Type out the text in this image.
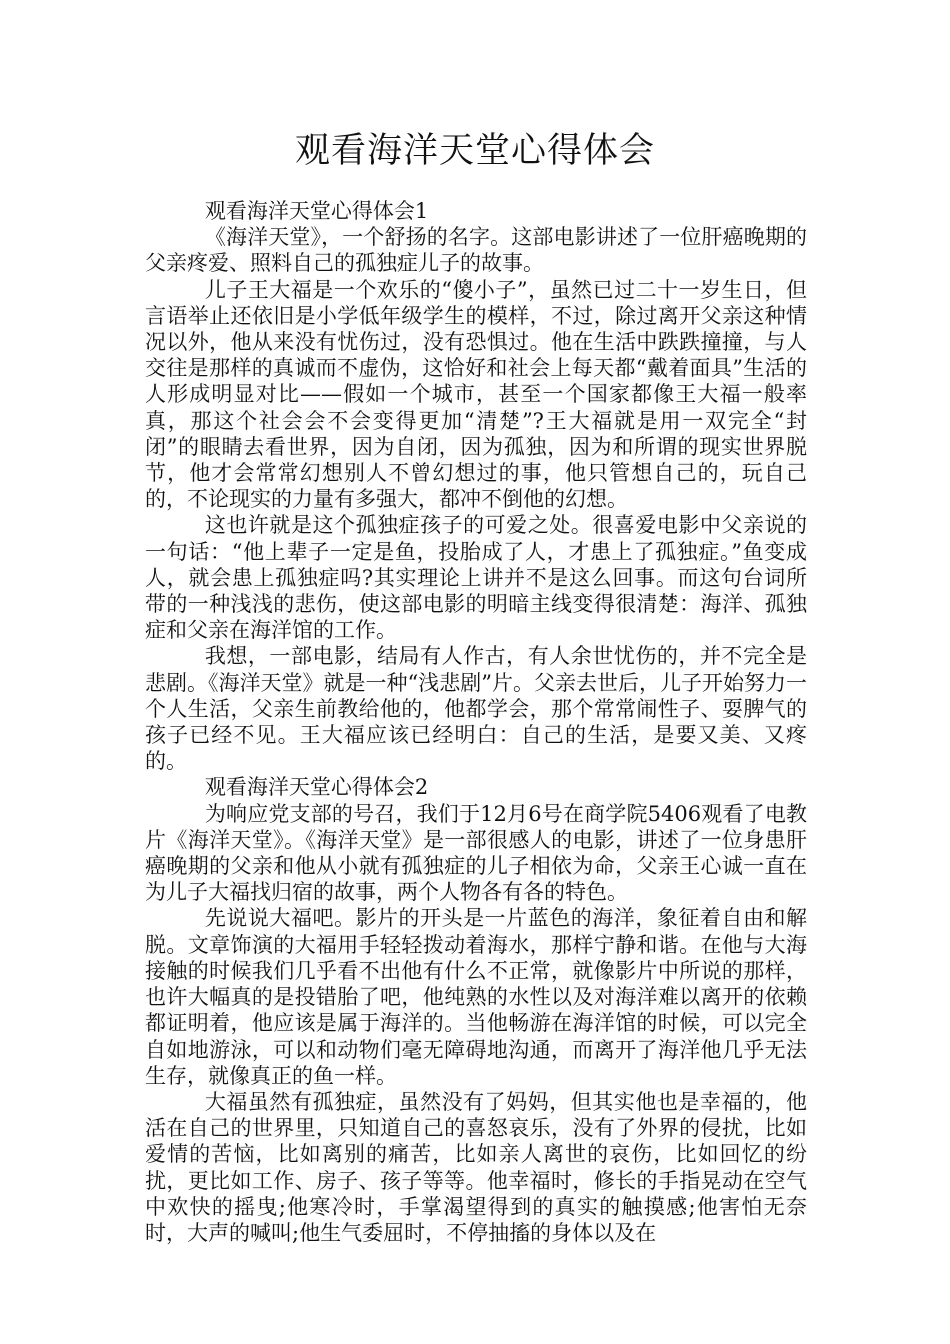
观看海洋天堂心得体会

观看海洋天堂心得体会1

《海洋天堂》，一个舒扬的名字。这部电影讲述了一位肝癌晚期的父亲疼爱、照料自己的孤独症儿子的故事。

儿子王大福是一个欢乐的“傻小子”，虽然已过二十一岁生日，但言语举止还依旧是小学低年级学生的模样，不过，除过离开父亲这种情况以外，他从来没有忧伤过，没有恐惧过。他在生活中跌跌撞撞，与人交往是那样的真诚而不虚伪，这恰好和社会上每天都“戴着面具”生活的人形成明显对比——假如一个城市，甚至一个国家都像王大福一般率真，那这个社会会不会变得更加“清楚”?王大福就是用一双完全“封闭”的眼睛去看世界，因为自闭，因为孤独，因为和所谓的现实世界脱节，他才会常常幻想别人不曾幻想过的事，他只管想自己的，玩自己的，不论现实的力量有多强大，都冲不倒他的幻想。

这也许就是这个孤独症孩子的可爱之处。很喜爱电影中父亲说的一句话：“他上辈子一定是鱼，投胎成了人，才患上了孤独症。”鱼变成人，就会患上孤独症吗?其实理论上讲并不是这么回事。而这句台词所带的一种浅浅的悲伤，使这部电影的明暗主线变得很清楚：海洋、孤独症和父亲在海洋馆的工作。

我想，一部电影，结局有人作古，有人余世忧伤的，并不完全是悲剧。《海洋天堂》就是一种“浅悲剧”片。父亲去世后，儿子开始努力一个人生活，父亲生前教给他的，他都学会，那个常常闹性子、耍脾气的孩子已经不见。王大福应该已经明白：自己的生活，是要又美、又疼的。

观看海洋天堂心得体会2

为响应党支部的号召，我们于12月6号在商学院5406观看了电教片《海洋天堂》。《海洋天堂》是一部很感人的电影，讲述了一位身患肝癌晚期的父亲和他从小就有孤独症的儿子相依为命，父亲王心诚一直在为儿子大福找归宿的故事，两个人物各有各的特色。

先说说大福吧。影片的开头是一片蓝色的海洋，象征着自由和解脱。文章饰演的大福用手轻轻拨动着海水，那样宁静和谐。在他与大海接触的时候我们几乎看不出他有什么不正常，就像影片中所说的那样，也许大幅真的是投错胎了吧，他纯熟的水性以及对海洋难以离开的依赖都证明着，他应该是属于海洋的。当他畅游在海洋馆的时候，可以完全自如地游泳，可以和动物们毫无障碍地沟通，而离开了海洋他几乎无法生存，就像真正的鱼一样。

大福虽然有孤独症，虽然没有了妈妈，但其实他也是幸福的，他活在自己的世界里，只知道自己的喜怒哀乐，没有了外界的侵扰，比如爱情的苦恼，比如离别的痛苦，比如亲人离世的哀伤，比如回忆的纷扰，更比如工作、房子、孩子等等。他幸福时，修长的手指晃动在空气中欢快的摇曳;他寒冷时，手掌渴望得到的真实的触摸感;他害怕无奈时，大声的喊叫;他生气委屈时，不停抽搐的身体以及在
